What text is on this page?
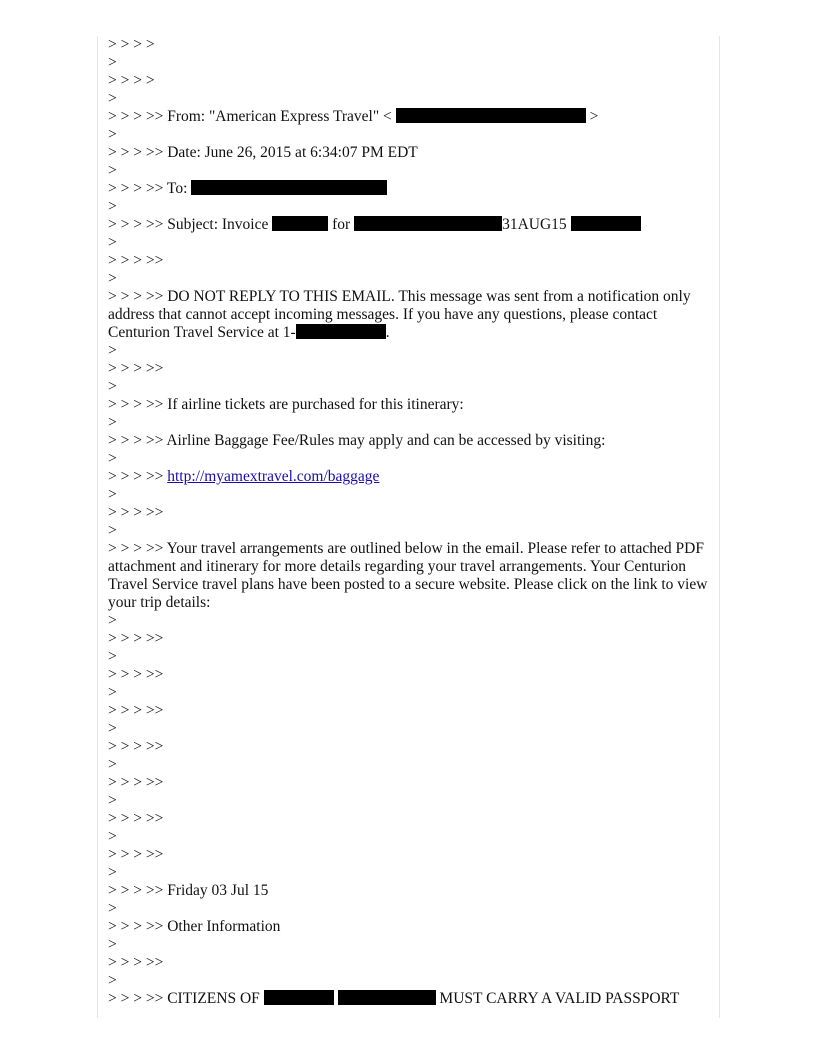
> > > >
>
> > > >
>
> > > >> From: "American Express Travel" <	>
>
> > > >> Date: June 26, 2015 at 6:34:07 PM EDT
>
> > > >> To:
>
> > > >> Subject: Invoice	for	31AUG15
>
> > > >>
>
> > > >> DO NOT REPLY TO THIS EMAIL. This message was sent from a notification only address that cannot accept incoming messages. If you have any questions, please contact Centurion Travel Service at 1-	.
>
> > > >>
>
> > > >> If airline tickets are purchased for this itinerary:
>
> > > >> Airline Baggage Fee/Rules may apply and can be accessed by visiting:
>
> > > >> http://myamextravel.com/baggage
>
> > > >>
>
> > > >> Your travel arrangements are outlined below in the email. Please refer to attached PDF attachment and itinerary for more details regarding your travel arrangements. Your Centurion Travel Service travel plans have been posted to a secure website. Please click on the link to view your trip details:
>
> > > >>
>
> > > >>
>
> > > >>
>
> > > >>
>
> > > >>
>
> > > >>
>
> > > >>
>
> > > >> Friday 03 Jul 15
>
> > > >> Other Information
>
> > > >>
>
> > > >> CITIZENS OF	MUST CARRY A VALID PASSPORT
